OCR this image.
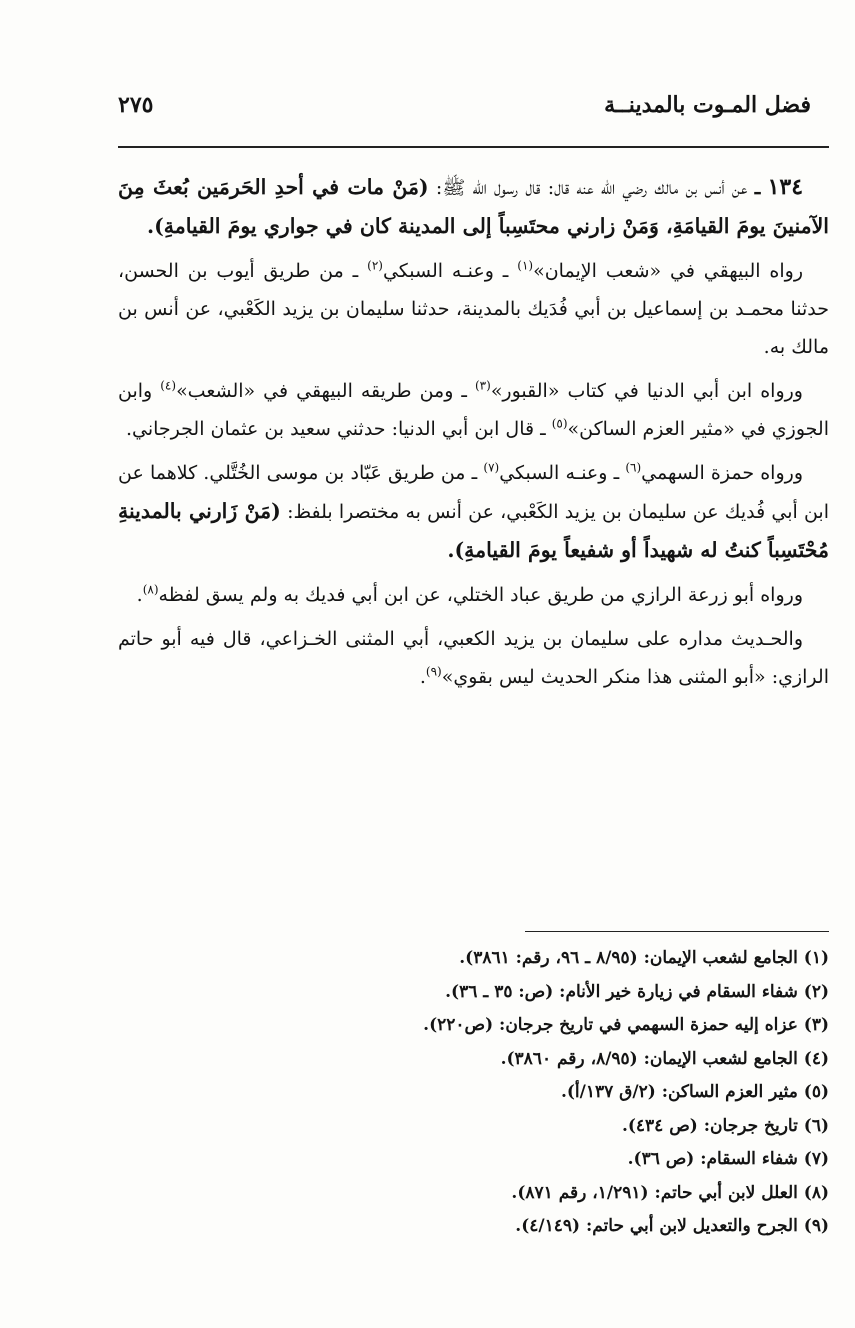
فضل المـوت بالمدينــة
٢٧٥

١٣٤ ـ عن أنس بن مالك رضي الله عنه قال: قال رسول الله ﷺ: (مَنْ مات في أحدِ الحَرمَين بُعثَ مِنَ الآمنينَ يومَ القيامَةِ، وَمَنْ زارني محتَسِباً إلى المدينة كان في جواري يومَ القيامةِ).

رواه البيهقي في «شعب الإيمان»$^{(١)}$ ـ وعنـه السبكي$^{(٢)}$ ـ من طريق أيوب بن الحسن، حدثنا محمـد بن إسماعيل بن أبي فُدَيك بالمدينة، حدثنا سليمان بن يزيد الكَعْبي، عن أنس بن مالك به.

ورواه ابن أبي الدنيا في كتاب «القبور»$^{(٣)}$ ـ ومن طريقه البيهقي في «الشعب»$^{(٤)}$ وابن الجوزي في «مثير العزم الساكن»$^{(٥)}$ ـ قال ابن أبي الدنيا: حدثني سعيد بن عثمان الجرجاني.

ورواه حمزة السهمي$^{(٦)}$ ـ وعنـه السبكي$^{(٧)}$ ـ من طريق عَبّاد بن موسى الخُتَّلي. كلاهما عن ابن أبي فُديك عن سليمان بن يزيد الكَعْبي، عن أنس به مختصرا بلفظ: (مَنْ زَارني بالمدينةِ مُحْتَسِباً كنتُ له شهيداً أو شفيعاً يومَ القيامةِ).

ورواه أبو زرعة الرازي من طريق عباد الختلي، عن ابن أبي فديك به ولم يسق لفظه$^{(٨)}$.

والحـديث مداره على سليمان بن يزيد الكعبي، أبي المثنى الخـزاعي، قال فيه أبو حاتم الرازي: «أبو المثنى هذا منكر الحديث ليس بقوي»$^{(٩)}$.

(١) الجامع لشعب الإيمان: (٨/٩٥ ـ ٩٦، رقم: ٣٨٦١).
(٢) شفاء السقام في زيارة خير الأنام: (ص: ٣٥ ـ ٣٦).
(٣) عزاه إليه حمزة السهمي في تاريخ جرجان: (ص٢٢٠).
(٤) الجامع لشعب الإيمان: (٨/٩٥، رقم ٣٨٦٠).
(٥) مثير العزم الساكن: (٢/ق ١٣٧/أ).
(٦) تاريخ جرجان: (ص ٤٣٤).
(٧) شفاء السقام: (ص ٣٦).
(٨) العلل لابن أبي حاتم: (١/٢٩١، رقم ٨٧١).
(٩) الجرح والتعديل لابن أبي حاتم: (٤/١٤٩).
